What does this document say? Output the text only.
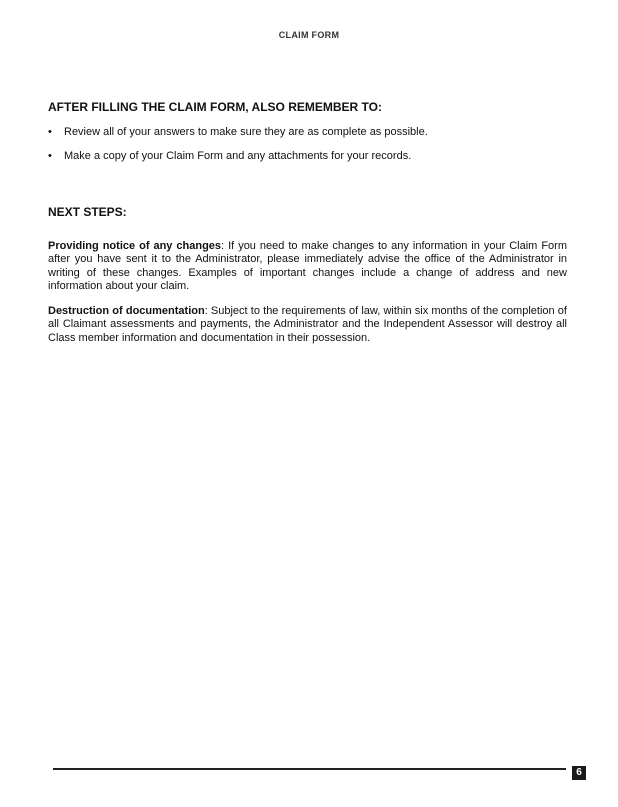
CLAIM FORM
AFTER FILLING THE CLAIM FORM, ALSO REMEMBER TO:
• Review all of your answers to make sure they are as complete as possible.
• Make a copy of your Claim Form and any attachments for your records.
NEXT STEPS:

Providing notice of any changes: If you need to make changes to any information in your Claim Form after you have sent it to the Administrator, please immediately advise the office of the Administrator in writing of these changes. Examples of important changes include a change of address and new information about your claim.

Destruction of documentation: Subject to the requirements of law, within six months of the completion of all Claimant assessments and payments, the Administrator and the Independent Assessor will destroy all Class member information and documentation in their possession.

6
